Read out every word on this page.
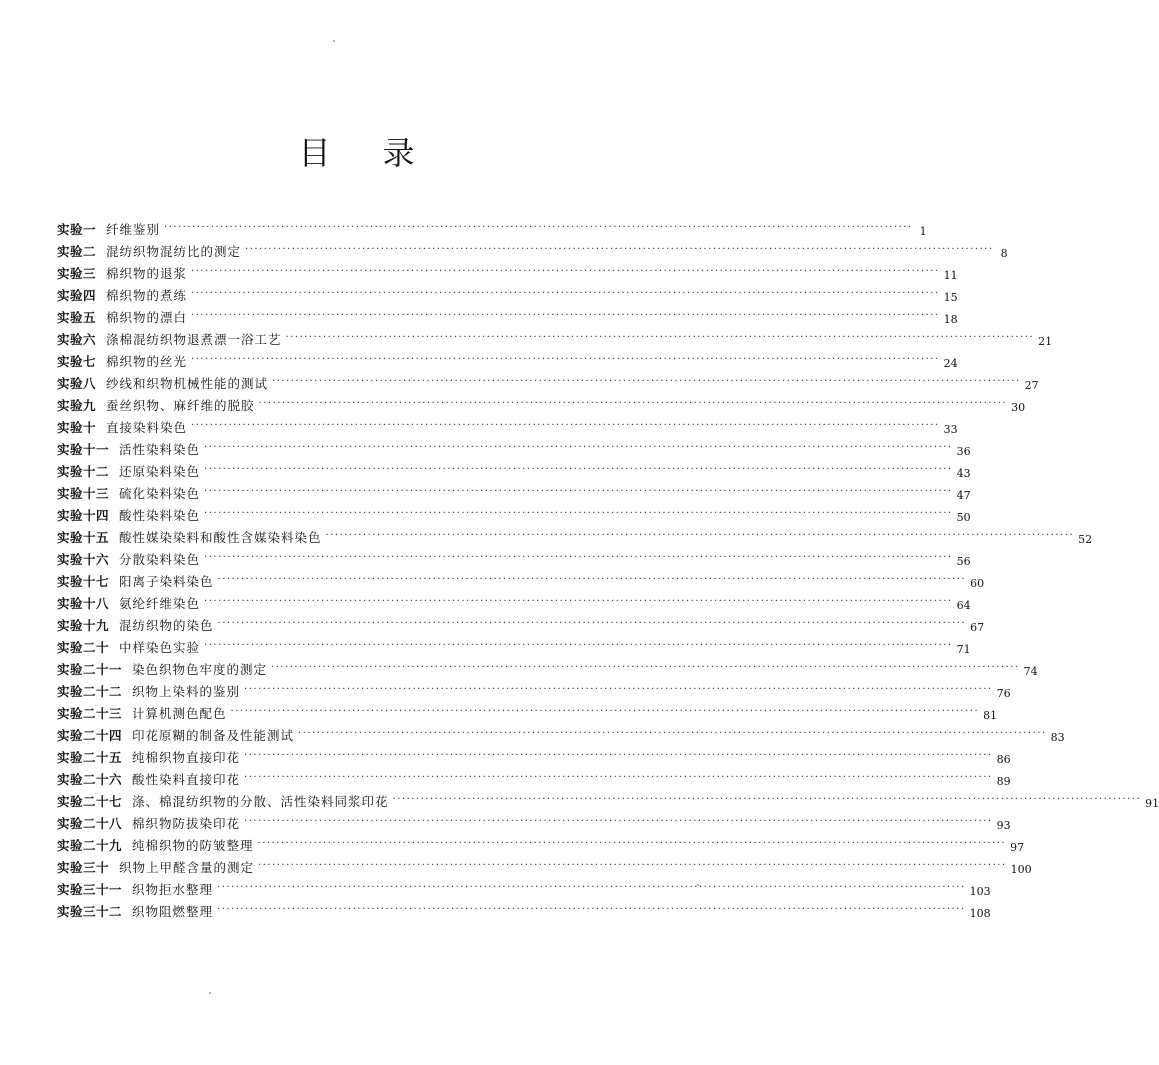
目 录
实验一 纤维鉴别 ·····	1
实验二 混纺织物混纺比的测定 ·····	8
实验三 棉织物的退浆 ·····	11
实验四 棉织物的煮练 ·····	15
实验五 棉织物的漂白 ·····	18
实验六 涤棉混纺织物退煮漂一浴工艺 ·····	21
实验七 棉织物的丝光 ·····	24
实验八 纱线和织物机械性能的测试 ·····	27
实验九 蚕丝织物、麻纤维的脱胶 ·····	30
实验十 直接染料染色 ·····	33
实验十一 活性染料染色 ·····	36
实验十二 还原染料染色 ·····	43
实验十三 硫化染料染色 ·····	47
实验十四 酸性染料染色 ·····	50
实验十五 酸性媒染染料和酸性含媒染料染色 ·····	52
实验十六 分散染料染色 ·····	56
实验十七 阳离子染料染色 ·····	60
实验十八 氨纶纤维染色 ·····	64
实验十九 混纺织物的染色 ·····	67
实验二十 中样染色实验 ·····	71
实验二十一 染色织物色牢度的测定 ·····	74
实验二十二 织物上染料的鉴别 ·····	76
实验二十三 计算机测色配色 ·····	81
实验二十四 印花原糊的制备及性能测试 ·····	83
实验二十五 纯棉织物直接印花 ·····	86
实验二十六 酸性染料直接印花 ·····	89
实验二十七 涤、棉混纺织物的分散、活性染料同浆印花 ·····	91
实验二十八 棉织物防拔染印花 ·····	93
实验二十九 纯棉织物的防皱整理 ·····	97
实验三十 织物上甲醛含量的测定 ·····	100
实验三十一 织物拒水整理 ·····	103
实验三十二 织物阻燃整理 ·····	108
